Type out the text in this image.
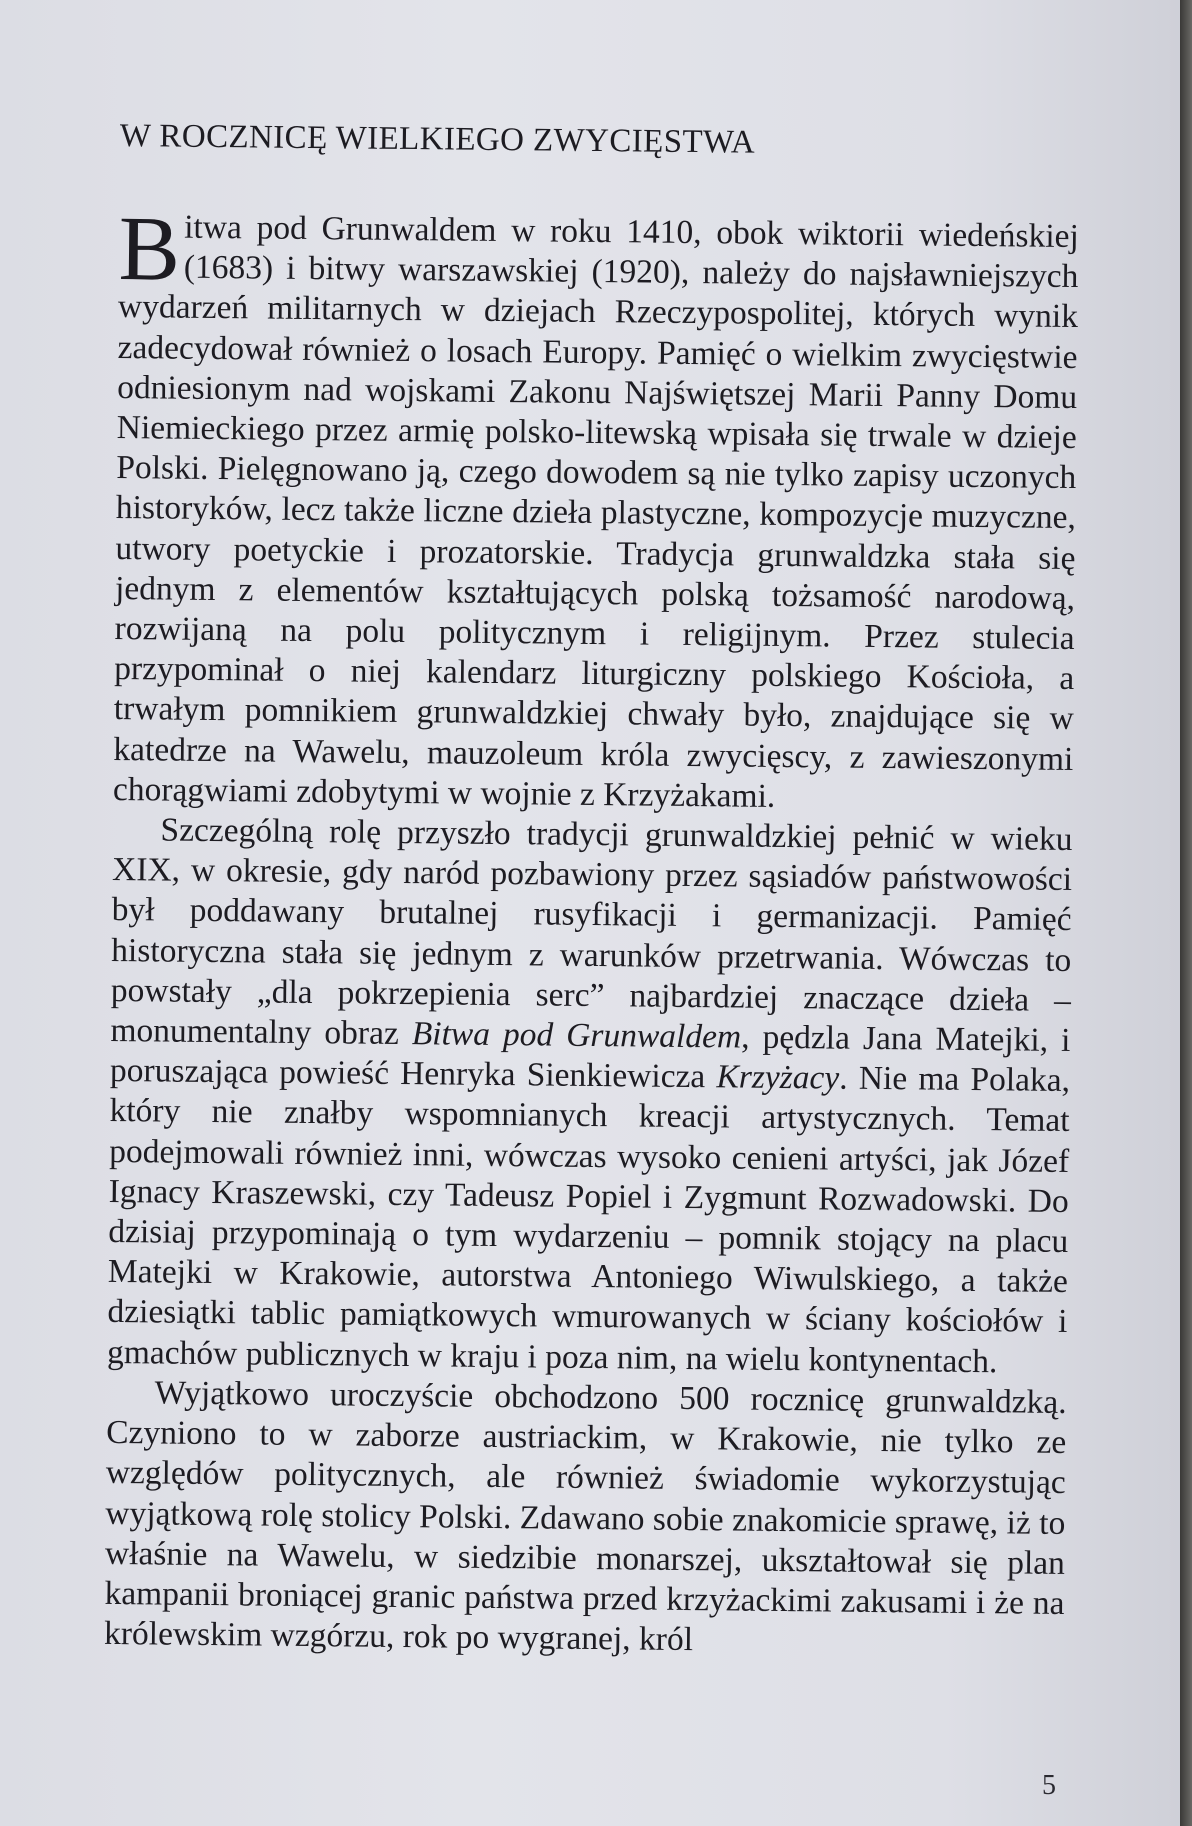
W ROCZNICĘ WIELKIEGO ZWYCIĘSTWA

Bitwa pod Grunwaldem w roku 1410, obok wiktorii wiedeńskiej (1683) i bitwy warszawskiej (1920), należy do najsławniejszych wydarzeń militarnych w dziejach Rzeczypospolitej, których wynik zadecydował również o losach Europy. Pamięć o wielkim zwycięstwie odniesionym nad wojskami Zakonu Najświętszej Marii Panny Domu Niemieckiego przez armię polsko-litewską wpisała się trwale w dzieje Polski. Pielęgnowano ją, czego dowodem są nie tylko zapisy uczonych historyków, lecz także liczne dzieła plastyczne, kompozycje muzyczne, utwory poetyckie i prozatorskie. Tradycja grunwaldzka stała się jednym z elementów kształtujących polską tożsamość narodową, rozwijaną na polu politycznym i religijnym. Przez stulecia przypominał o niej kalendarz liturgiczny polskiego Kościoła, a trwałym pomnikiem grunwaldzkiej chwały było, znajdujące się w katedrze na Wawelu, mauzoleum króla zwycięscy, z zawieszonymi chorągwiami zdobytymi w wojnie z Krzyżakami.

Szczególną rolę przyszło tradycji grunwaldzkiej pełnić w wieku XIX, w okresie, gdy naród pozbawiony przez sąsiadów państwowości był poddawany brutalnej rusyfikacji i germanizacji. Pamięć historyczna stała się jednym z warunków przetrwania. Wówczas to powstały „dla pokrzepienia serc” najbardziej znaczące dzieła – monumentalny obraz Bitwa pod Grunwaldem, pędzla Jana Matejki, i poruszająca powieść Henryka Sienkiewicza Krzyżacy. Nie ma Polaka, który nie znałby wspomnianych kreacji artystycznych. Temat podejmowali również inni, wówczas wysoko cenieni artyści, jak Józef Ignacy Kraszewski, czy Tadeusz Popiel i Zygmunt Rozwadowski. Do dzisiaj przypominają o tym wydarzeniu – pomnik stojący na placu Matejki w Krakowie, autorstwa Antoniego Wiwulskiego, a także dziesiątki tablic pamiątkowych wmurowanych w ściany kościołów i gmachów publicznych w kraju i poza nim, na wielu kontynentach.

Wyjątkowo uroczyście obchodzono 500 rocznicę grunwaldzką. Czyniono to w zaborze austriackim, w Krakowie, nie tylko ze względów politycznych, ale również świadomie wykorzystując wyjątkową rolę stolicy Polski. Zdawano sobie znakomicie sprawę, iż to właśnie na Wawelu, w siedzibie monarszej, ukształtował się plan kampanii broniącej granic państwa przed krzyżackimi zakusami i że na królewskim wzgórzu, rok po wygranej, król

5
